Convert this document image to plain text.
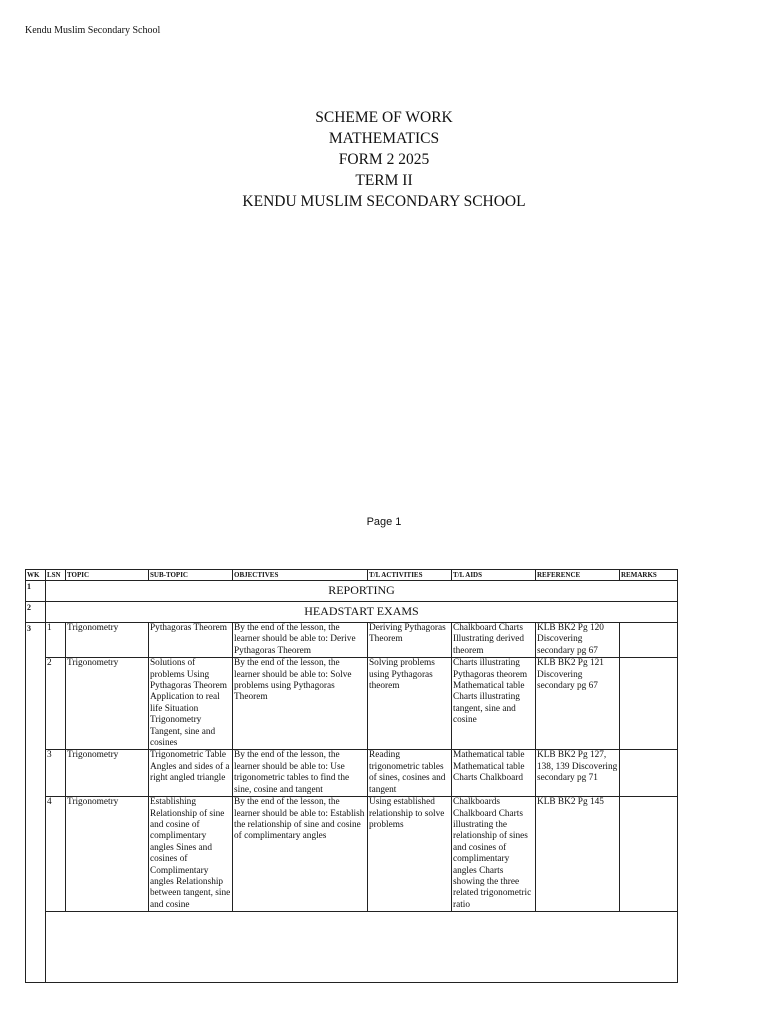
Kendu Muslim Secondary School
SCHEME OF WORK
MATHEMATICS
FORM 2 2025
TERM II
KENDU MUSLIM SECONDARY SCHOOL
Page 1
WK	LSN	TOPIC	SUB-TOPIC	OBJECTIVES	T/L ACTIVITIES	T/L AIDS	REFERENCE	REMARKS
1	REPORTING							
2	HEADSTART EXAMS							
3	1	Trigonometry	Pythagoras Theorem	By the end of the lesson, the learner should be able to: Derive Pythagoras Theorem	Deriving Pythagoras Theorem	Chalkboard Charts Illustrating derived theorem	KLB BK2 Pg 120 Discovering secondary pg 67	
	2	Trigonometry	Solutions of problems Using Pythagoras Theorem Application to real life Situation Trigonometry Tangent, sine and cosines	By the end of the lesson, the learner should be able to: Solve problems using Pythagoras Theorem	Solving problems using Pythagoras theorem	Charts illustrating Pythagoras theorem Mathematical table Charts illustrating tangent, sine and cosine	KLB BK2 Pg 121 Discovering secondary pg 67	
	3	Trigonometry	Trigonometric Table Angles and sides of a right angled triangle	By the end of the lesson, the learner should be able to: Use trigonometric tables to find the sine, cosine and tangent	Reading trigonometric tables of sines, cosines and tangent	Mathematical table Mathematical table Charts Chalkboard	KLB BK2 Pg 127, 138, 139 Discovering secondary pg 71	
	4	Trigonometry	Establishing Relationship of sine and cosine of complimentary angles Sines and cosines of Complimentary angles Relationship between tangent, sine and cosine	By the end of the lesson, the learner should be able to: Establish the relationship of sine and cosine of complimentary angles	Using established relationship to solve problems	Chalkboards Chalkboard Charts illustrating the relationship of sines and cosines of complimentary angles Charts showing the three related trigonometric ratio	KLB BK2 Pg 145	
